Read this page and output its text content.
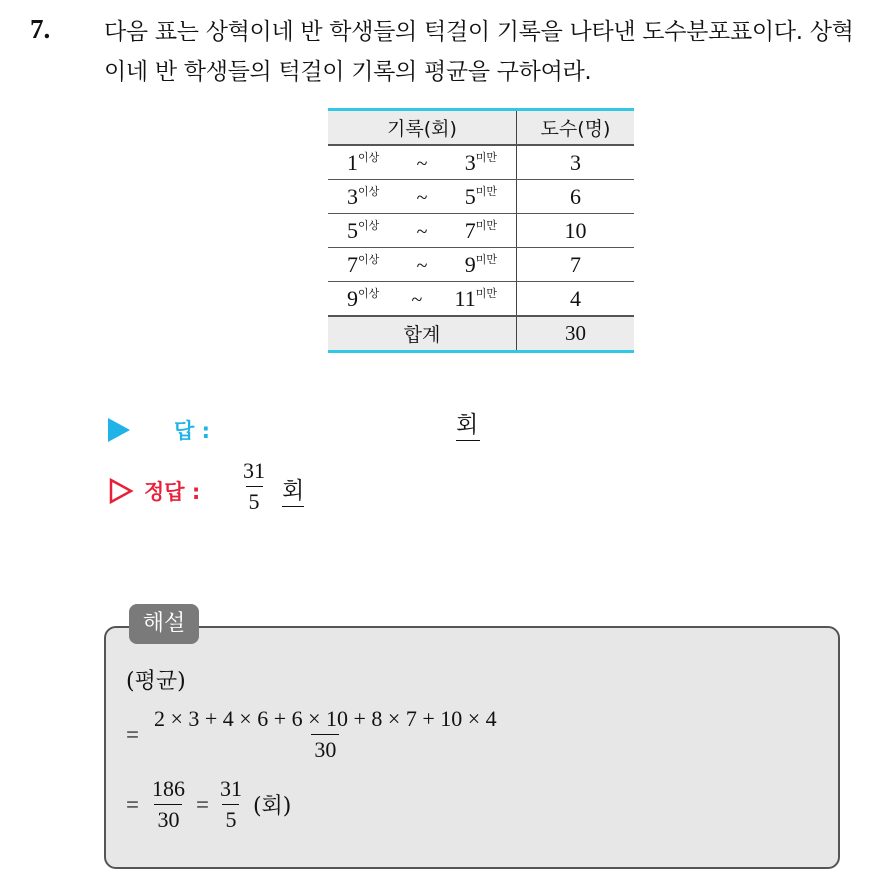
7. 다음 표는 상혁이네 반 학생들의 턱걸이 기록을 나타낸 도수분포표이다. 상혁이네 반 학생들의 턱걸이 기록의 평균을 구하여라.
기록(회)	도수(명)

$1^{이상}$ ~ $3^{미만}$	3

$3^{이상}$ ~ $5^{미만}$	6

$5^{이상}$ ~ $7^{미만}$	10

$7^{이상}$ ~ $9^{미만}$	7

$9^{이상}$ ~ $11^{미만}$	4
합계	30
답 :	회
정답 : $\frac{31}{5}$ 회
해설
(평균)
= $\frac{2 \times 3 + 4 \times 6 + 6 \times 10 + 8 \times 7 + 10 \times 4}{30}$
= $\frac{186}{30} = \frac{31}{5}$ (회)
